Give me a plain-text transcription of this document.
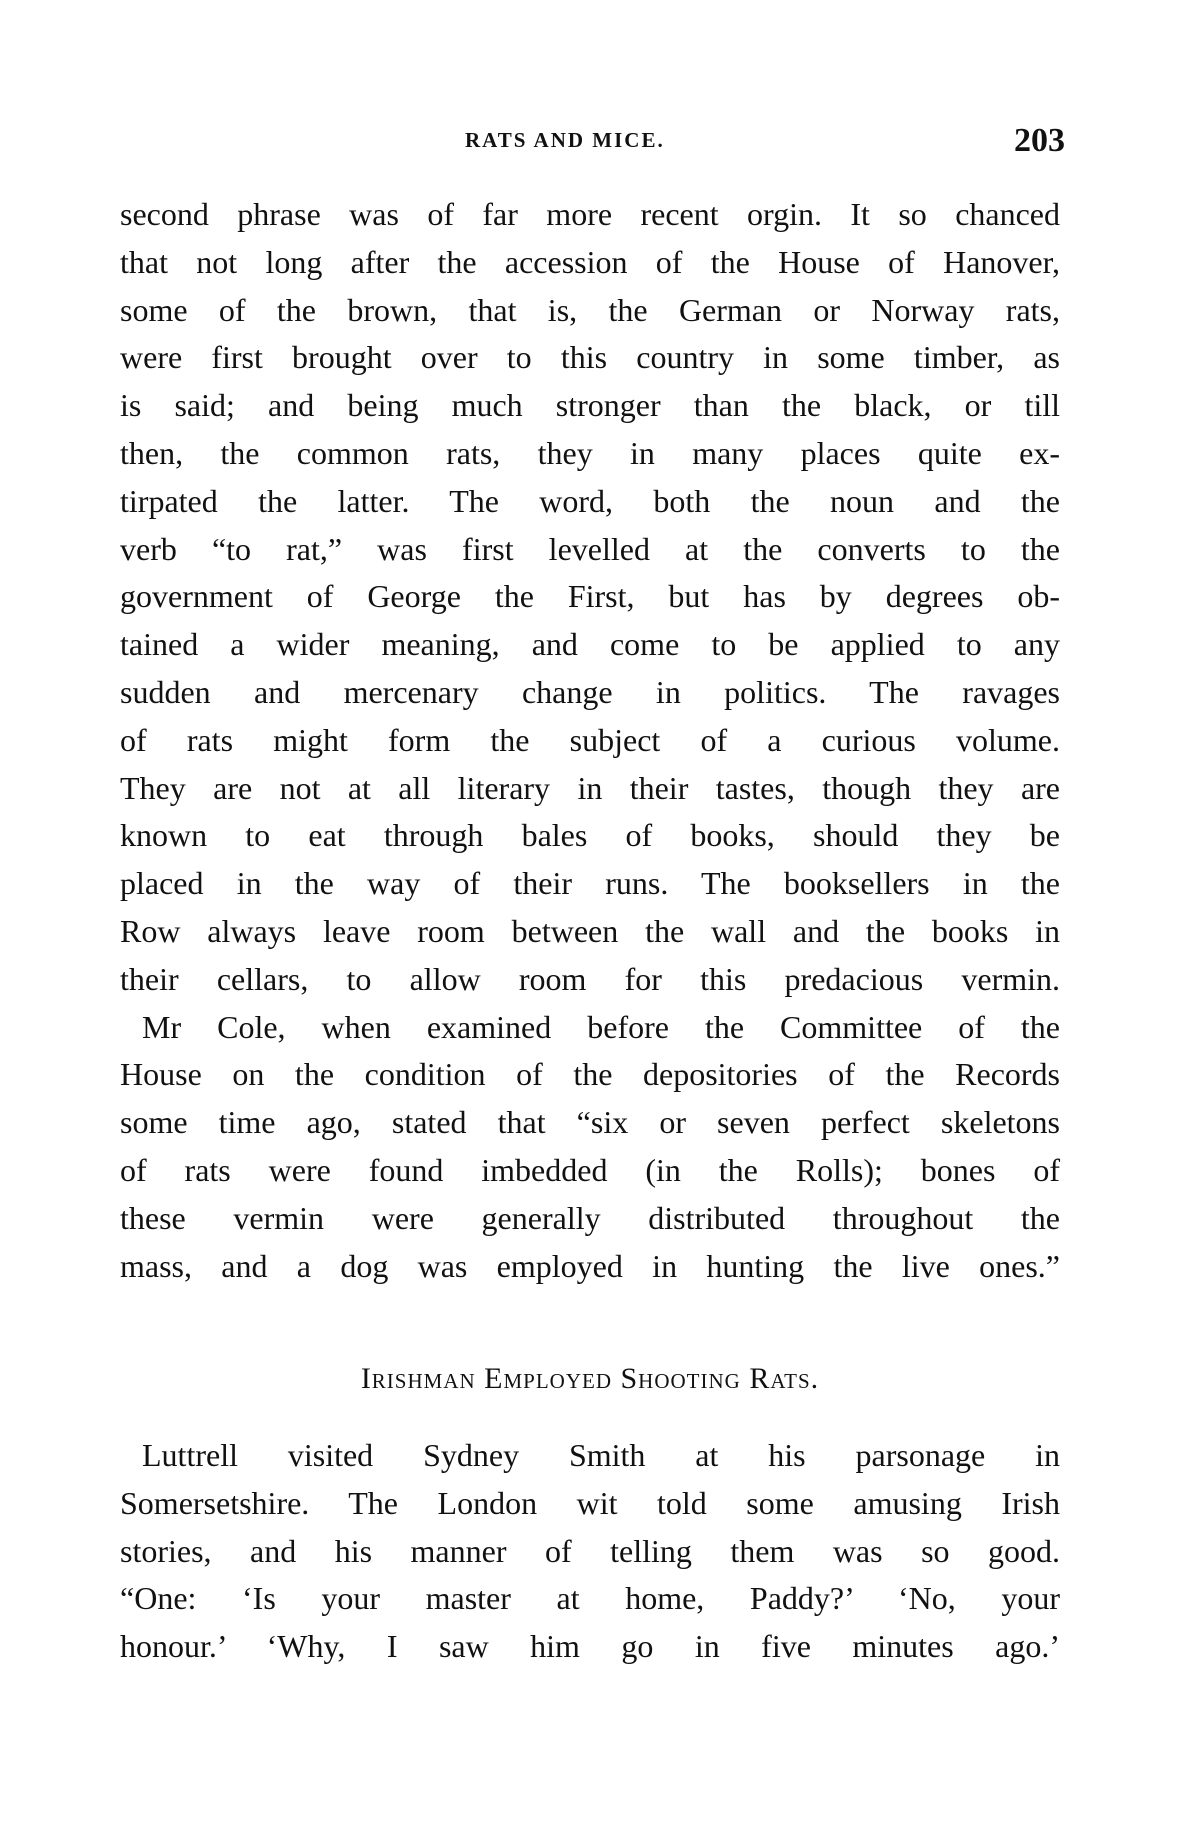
RATS AND MICE.	203
second phrase was of far more recent orgin. It so chanced
that not long after the accession of the House of Hanover,
some of the brown, that is, the German or Norway rats,
were first brought over to this country in some timber, as
is said; and being much stronger than the black, or till
then, the common rats, they in many places quite ex-
tirpated the latter. The word, both the noun and the
verb “to rat,” was first levelled at the converts to the
government of George the First, but has by degrees ob-
tained a wider meaning, and come to be applied to any
sudden and mercenary change in politics. The ravages
of rats might form the subject of a curious volume.
They are not at all literary in their tastes, though they are
known to eat through bales of books, should they be
placed in the way of their runs. The booksellers in the
Row always leave room between the wall and the books in
their cellars, to allow room for this predacious vermin.
Mr Cole, when examined before the Committee of the
House on the condition of the depositories of the Records
some time ago, stated that “six or seven perfect skeletons
of rats were found imbedded (in the Rolls); bones of
these vermin were generally distributed throughout the
mass, and a dog was employed in hunting the live ones.”
Irishman Employed Shooting Rats.
Luttrell visited Sydney Smith at his parsonage in
Somersetshire. The London wit told some amusing Irish
stories, and his manner of telling them was so good.
“One: ‘Is your master at home, Paddy?’ ‘No, your
honour.’ ‘Why, I saw him go in five minutes ago.’
